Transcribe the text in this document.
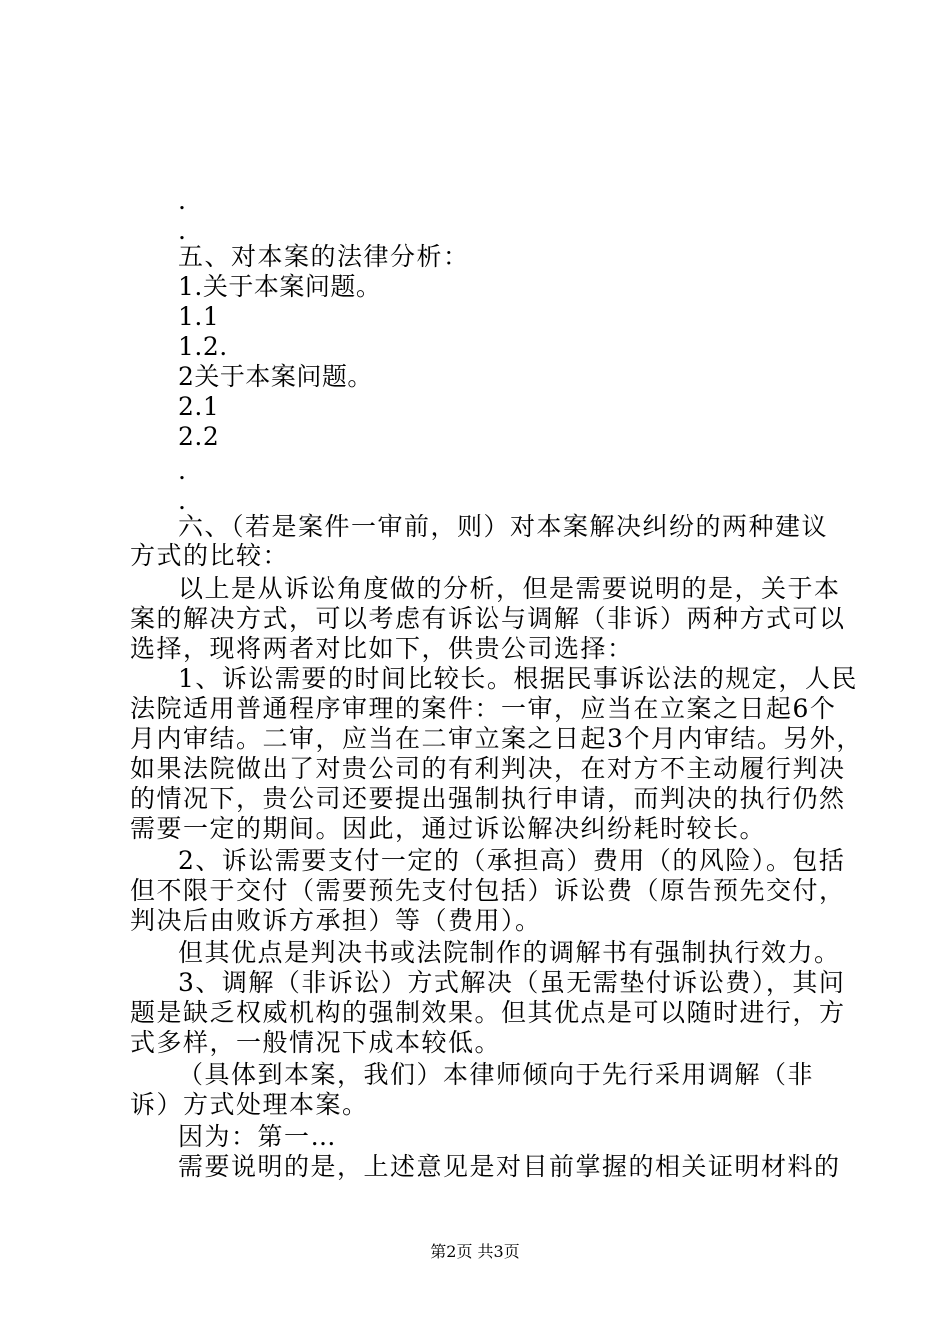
.
.
五、对本案的法律分析：
1.关于本案问题。
1.1
1.2.
2关于本案问题。
2.1
2.2
.
.
六、（若是案件一审前，则）对本案解决纠纷的两种建议
方式的比较：
以上是从诉讼角度做的分析，但是需要说明的是，关于本
案的解决方式，可以考虑有诉讼与调解（非诉）两种方式可以
选择，现将两者对比如下，供贵公司选择：
1、诉讼需要的时间比较长。根据民事诉讼法的规定，人民
法院适用普通程序审理的案件：一审，应当在立案之日起6个
月内审结。二审，应当在二审立案之日起3个月内审结。另外，
如果法院做出了对贵公司的有利判决，在对方不主动履行判决
的情况下，贵公司还要提出强制执行申请，而判决的执行仍然
需要一定的期间。因此，通过诉讼解决纠纷耗时较长。
2、诉讼需要支付一定的（承担高）费用（的风险）。包括
但不限于交付（需要预先支付包括）诉讼费（原告预先交付，
判决后由败诉方承担）等（费用）。
但其优点是判决书或法院制作的调解书有强制执行效力。
3、调解（非诉讼）方式解决（虽无需垫付诉讼费），其问
题是缺乏权威机构的强制效果。但其优点是可以随时进行，方
式多样，一般情况下成本较低。
（具体到本案，我们）本律师倾向于先行采用调解（非
诉）方式处理本案。
因为：第一…
需要说明的是，上述意见是对目前掌握的相关证明材料的
第2页 共3页
